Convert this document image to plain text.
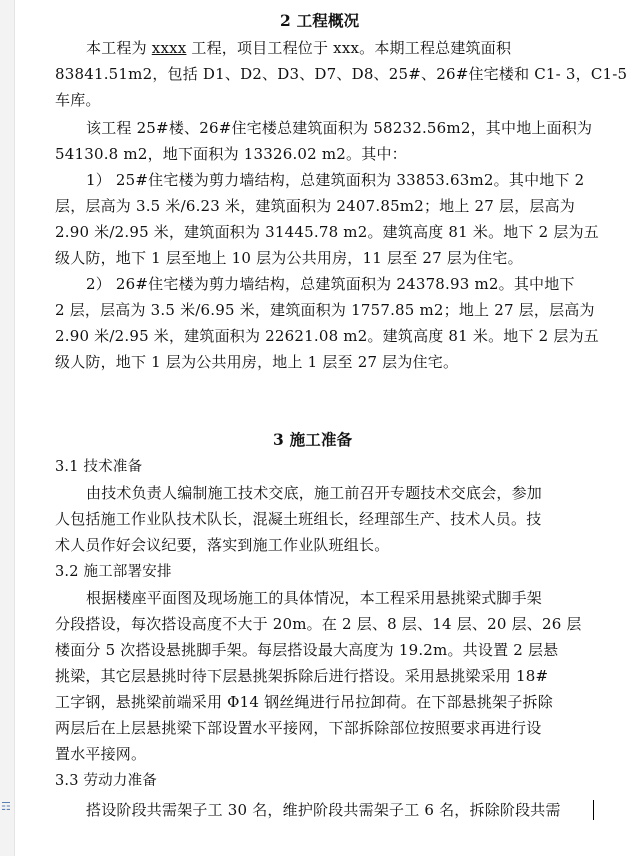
☶
2 工程概况
本工程为 xxxx 工程，项目工程位于 xxx。本期工程总建筑面积
83841.51m2，包括 D1、D2、D3、D7、D8、25#、26#住宅楼和 C1- 3，C1-5
车库。
该工程 25#楼、26#住宅楼总建筑面积为 58232.56m2，其中地上面积为
54130.8 m2，地下面积为 13326.02 m2。其中：
1） 25#住宅楼为剪力墙结构，总建筑面积为 33853.63m2。其中地下 2
层，层高为 3.5 米/6.23 米，建筑面积为 2407.85m2；地上 27 层，层高为
2.90 米/2.95 米，建筑面积为 31445.78 m2。建筑高度 81 米。地下 2 层为五
级人防，地下 1 层至地上 10 层为公共用房，11 层至 27 层为住宅。
2） 26#住宅楼为剪力墙结构，总建筑面积为 24378.93 m2。其中地下
2 层，层高为 3.5 米/6.95 米，建筑面积为 1757.85 m2；地上 27 层，层高为
2.90 米/2.95 米，建筑面积为 22621.08 m2。建筑高度 81 米。地下 2 层为五
级人防，地下 1 层为公共用房，地上 1 层至 27 层为住宅。
3 施工准备
3.1 技术准备
由技术负责人编制施工技术交底，施工前召开专题技术交底会，参加
人包括施工作业队技术队长，混凝土班组长，经理部生产、技术人员。技
术人员作好会议纪要，落实到施工作业队班组长。
3.2 施工部署安排
根据楼座平面图及现场施工的具体情况，本工程采用悬挑梁式脚手架
分段搭设，每次搭设高度不大于 20m。在 2 层、8 层、14 层、20 层、26 层
楼面分 5 次搭设悬挑脚手架。每层搭设最大高度为 19.2m。共设置 2 层悬
挑梁，其它层悬挑时待下层悬挑架拆除后进行搭设。采用悬挑梁采用 18#
工字钢，悬挑梁前端采用 Φ14 钢丝绳进行吊拉卸荷。在下部悬挑架子拆除
两层后在上层悬挑梁下部设置水平接网，下部拆除部位按照要求再进行设
置水平接网。
3.3 劳动力准备
搭设阶段共需架子工 30 名，维护阶段共需架子工 6 名，拆除阶段共需
